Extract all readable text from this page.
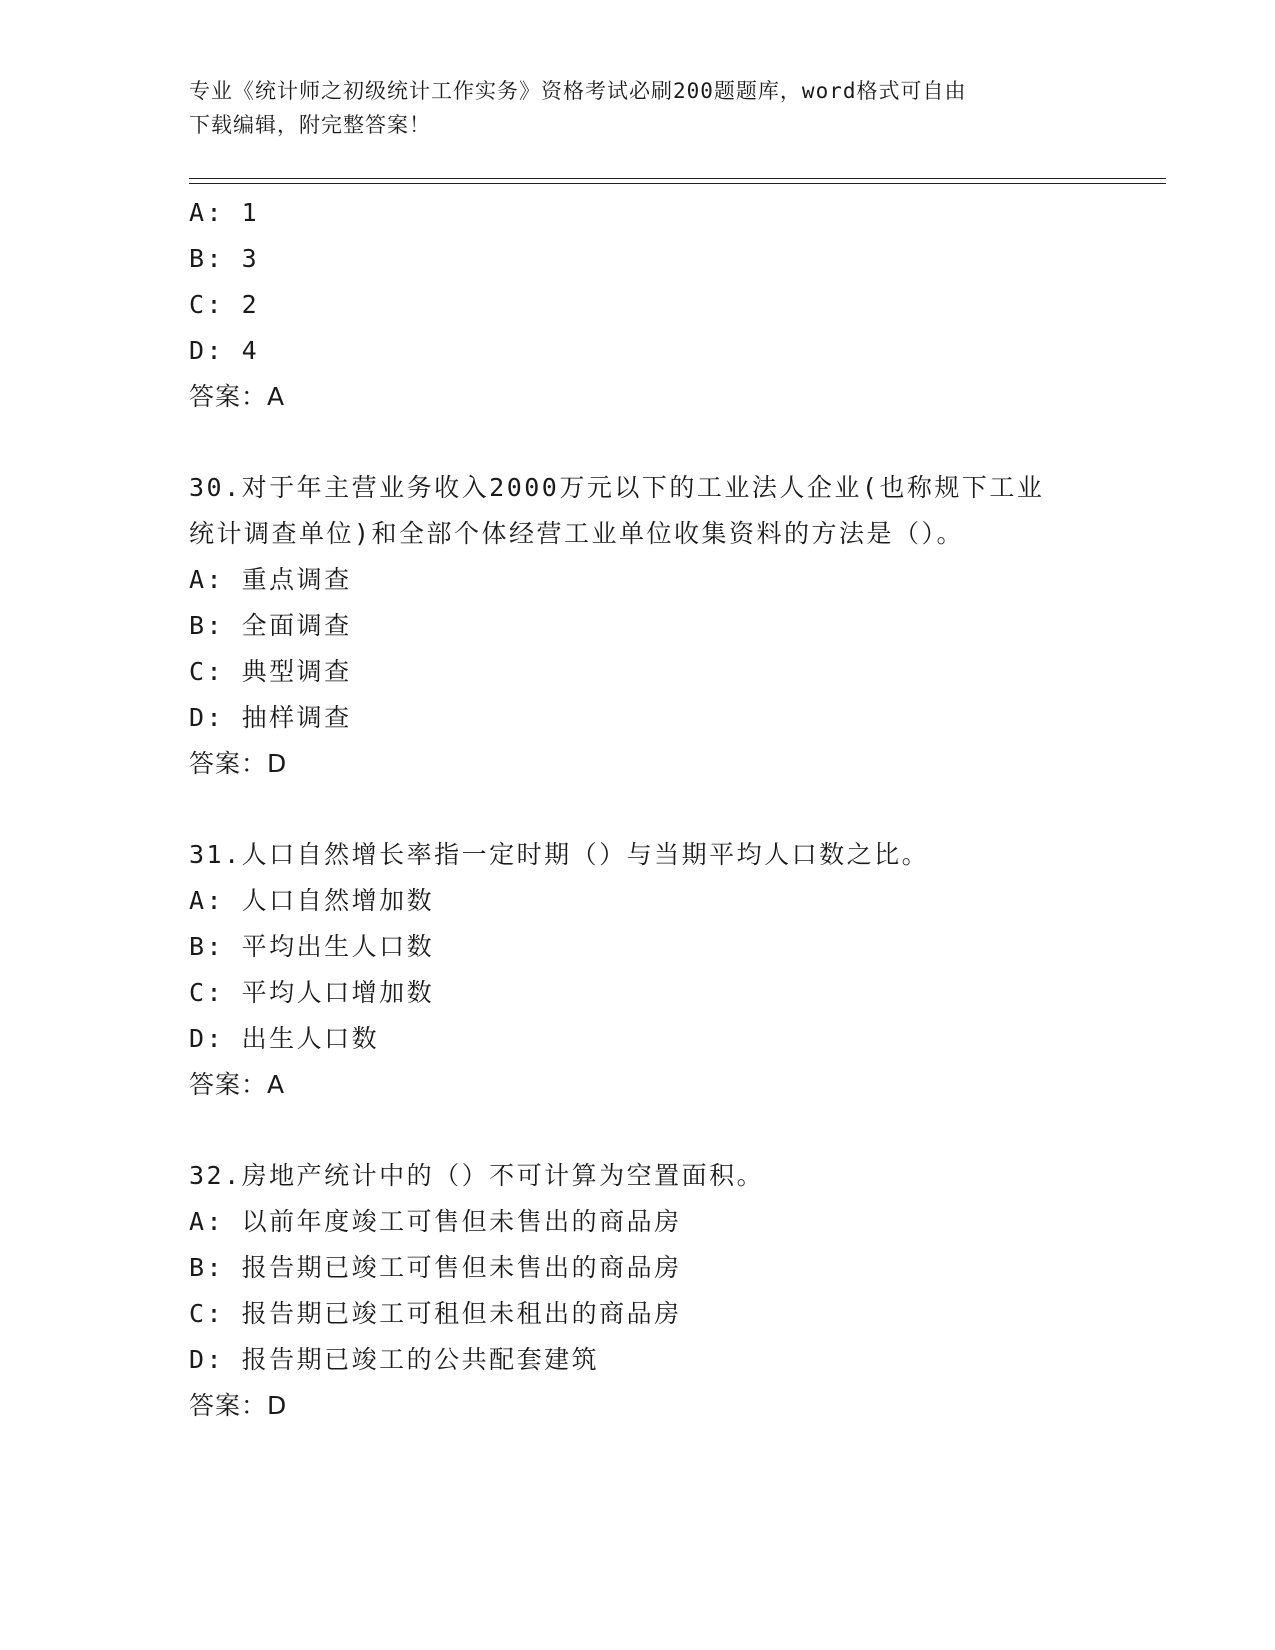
专业《统计师之初级统计工作实务》资格考试必刷200题题库，word格式可自由
下载编辑，附完整答案！
A: 1
B: 3
C: 2
D: 4
答案：A
30.对于年主营业务收入2000万元以下的工业法人企业(也称规下工业
统计调查单位)和全部个体经营工业单位收集资料的方法是（）。
A: 重点调查
B: 全面调查
C: 典型调查
D: 抽样调查
答案：D
31.人口自然增长率指一定时期（）与当期平均人口数之比。
A: 人口自然增加数
B: 平均出生人口数
C: 平均人口增加数
D: 出生人口数
答案：A
32.房地产统计中的（）不可计算为空置面积。
A: 以前年度竣工可售但未售出的商品房
B: 报告期已竣工可售但未售出的商品房
C: 报告期已竣工可租但未租出的商品房
D: 报告期已竣工的公共配套建筑
答案：D
